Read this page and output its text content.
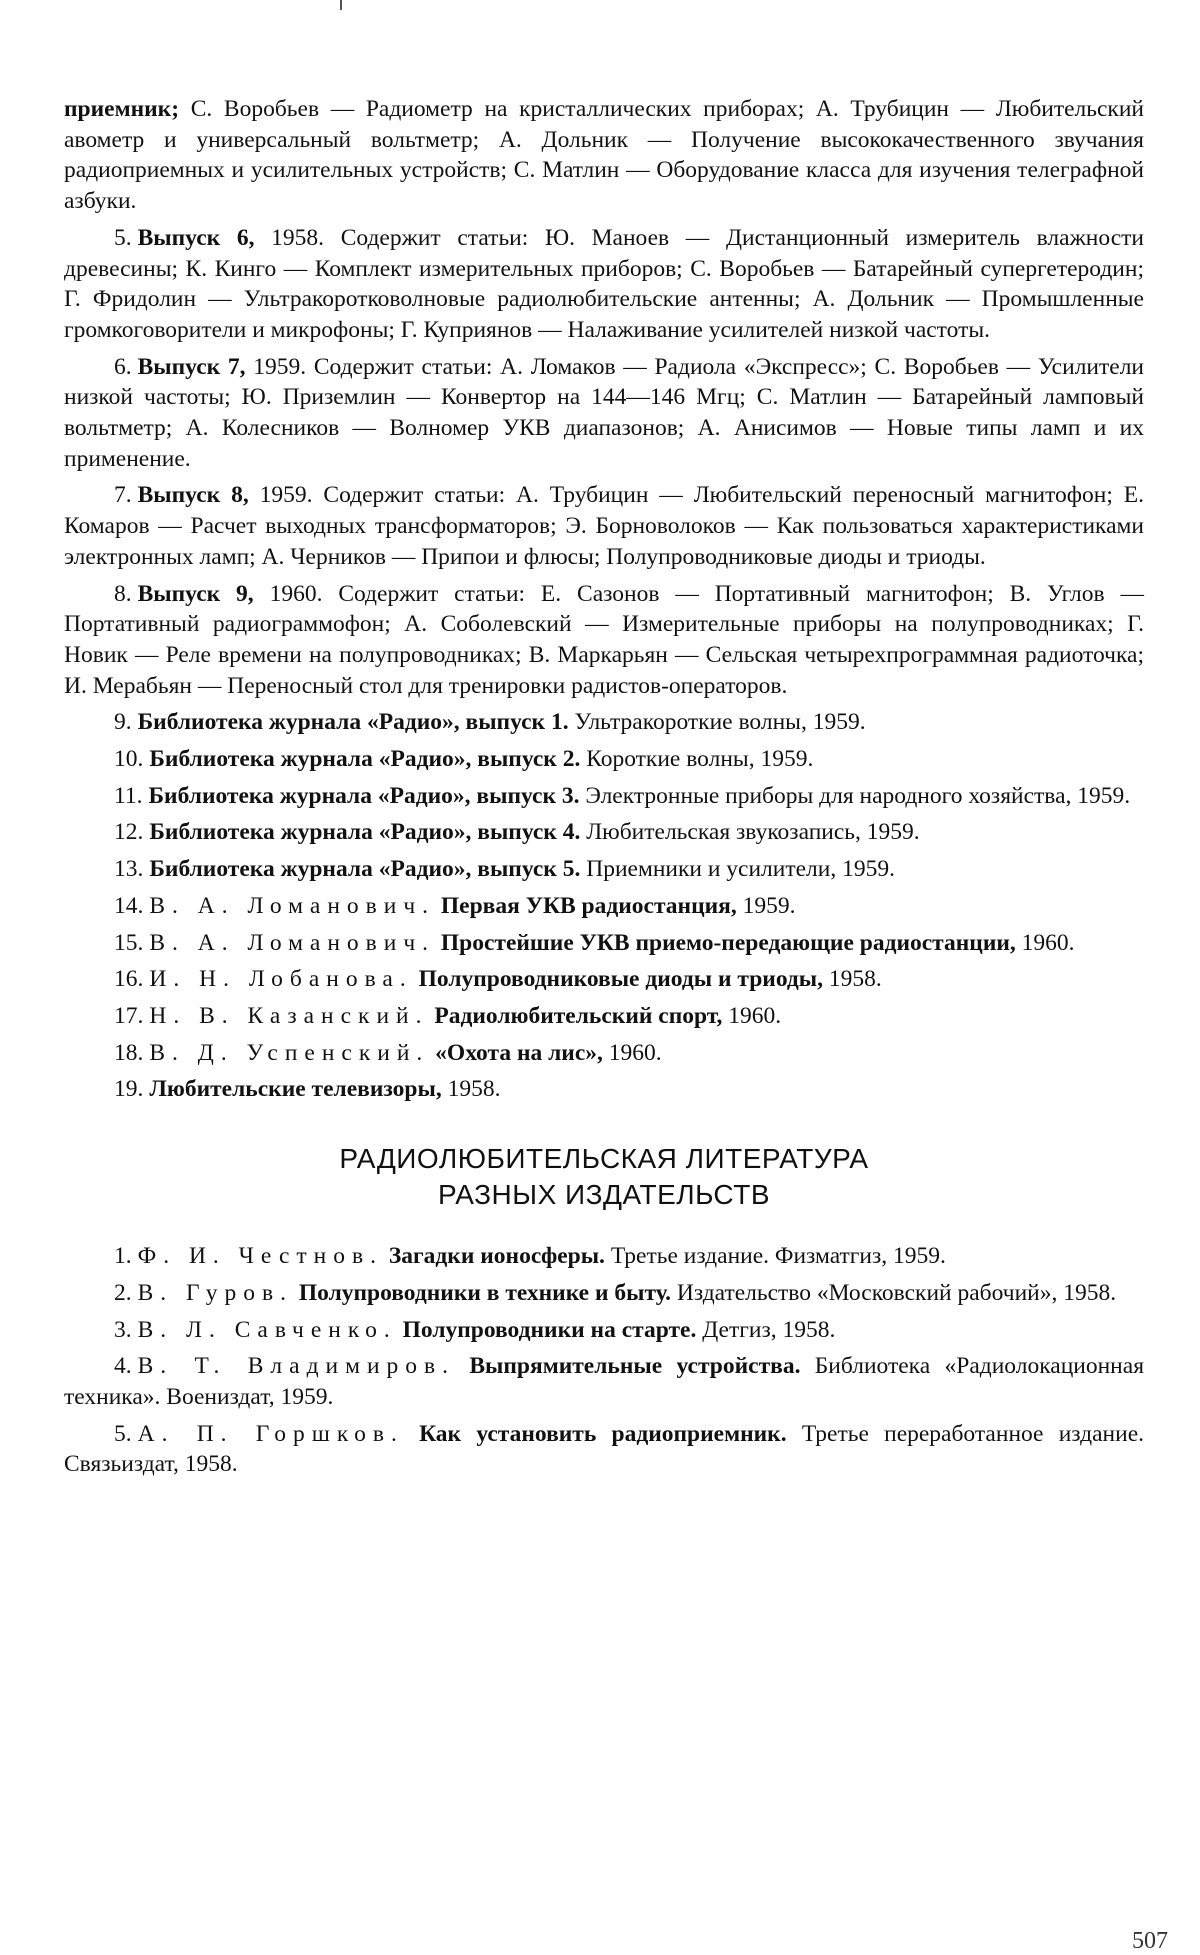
приемник; С. Воробьев — Радиометр на кристаллических приборах; А. Трубицин — Любительский авометр и универсальный вольтметр; А. Дольник — Получение высококачественного звучания радиоприемных и усилительных устройств; С. Матлин — Оборудование класса для изучения телеграфной азбуки.

5. Выпуск 6, 1958. Содержит статьи: Ю. Маноев — Дистанционный измеритель влажности древесины; К. Кинго — Комплект измерительных приборов; С. Воробьев — Батарейный супергетеродин; Г. Фридолин — Ультракоротковолновые радиолюбительские антенны; А. Дольник — Промышленные громкоговорители и микрофоны; Г. Куприянов — Налаживание усилителей низкой частоты.

6. Выпуск 7, 1959. Содержит статьи: А. Ломаков — Радиола «Экспресс»; С. Воробьев — Усилители низкой частоты; Ю. Приземлин — Конвертор на 144—146 Мгц; С. Матлин — Батарейный ламповый вольтметр; А. Колесников — Волномер УКВ диапазонов; А. Анисимов — Новые типы ламп и их применение.

7. Выпуск 8, 1959. Содержит статьи: А. Трубицин — Любительский переносный магнитофон; Е. Комаров — Расчет выходных трансформаторов; Э. Борноволоков — Как пользоваться характеристиками электронных ламп; А. Черников — Припои и флюсы; Полупроводниковые диоды и триоды.

8. Выпуск 9, 1960. Содержит статьи: Е. Сазонов — Портативный магнитофон; В. Углов — Портативный радиограммофон; А. Соболевский — Измерительные приборы на полупроводниках; Г. Новик — Реле времени на полупроводниках; В. Маркарьян — Сельская четырехпрограммная радиоточка; И. Мерабьян — Переносный стол для тренировки радистов-операторов.

9. Библиотека журнала «Радио», выпуск 1. Ультракороткие волны, 1959.

10. Библиотека журнала «Радио», выпуск 2. Короткие волны, 1959.

11. Библиотека журнала «Радио», выпуск 3. Электронные приборы для народного хозяйства, 1959.

12. Библиотека журнала «Радио», выпуск 4. Любительская звукозапись, 1959.

13. Библиотека журнала «Радио», выпуск 5. Приемники и усилители, 1959.

14. В. А. Ломанович. Первая УКВ радиостанция, 1959.

15. В. А. Ломанович. Простейшие УКВ приемо-передающие радиостанции, 1960.

16. И. Н. Лобанова. Полупроводниковые диоды и триоды, 1958.

17. Н. В. Казанский. Радиолюбительский спорт, 1960.

18. В. Д. Успенский. «Охота на лис», 1960.

19. Любительские телевизоры, 1958.

РАДИОЛЮБИТЕЛЬСКАЯ ЛИТЕРАТУРА
РАЗНЫХ ИЗДАТЕЛЬСТВ

1. Ф. И. Честнов. Загадки ионосферы. Третье издание. Физматгиз, 1959.

2. В. Гуров. Полупроводники в технике и быту. Издательство «Московский рабочий», 1958.

3. В. Л. Савченко. Полупроводники на старте. Детгиз, 1958.

4. В. Т. Владимиров. Выпрямительные устройства. Библиотека «Радиолокационная техника». Воениздат, 1959.

5. А. П. Горшков. Как установить радиоприемник. Третье переработанное издание. Связьиздат, 1958.

507
